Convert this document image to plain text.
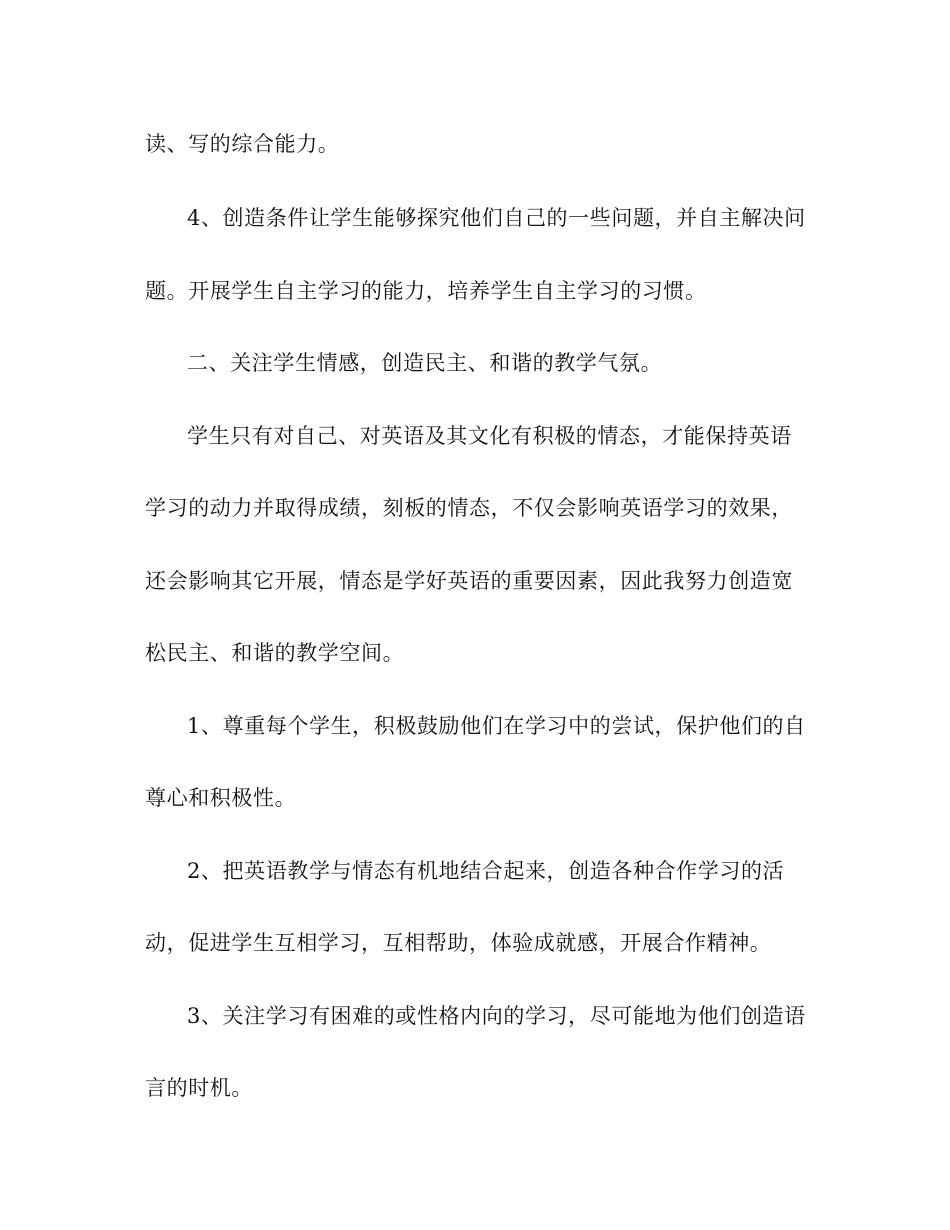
读、写的综合能力。
4、创造条件让学生能够探究他们自己的一些问题，并自主解决问
题。开展学生自主学习的能力，培养学生自主学习的习惯。
二、关注学生情感，创造民主、和谐的教学气氛。
学生只有对自己、对英语及其文化有积极的情态，才能保持英语
学习的动力并取得成绩，刻板的情态，不仅会影响英语学习的效果，
还会影响其它开展，情态是学好英语的重要因素，因此我努力创造宽
松民主、和谐的教学空间。
1、尊重每个学生，积极鼓励他们在学习中的尝试，保护他们的自
尊心和积极性。
2、把英语教学与情态有机地结合起来，创造各种合作学习的活
动，促进学生互相学习，互相帮助，体验成就感，开展合作精神。
3、关注学习有困难的或性格内向的学习，尽可能地为他们创造语
言的时机。
